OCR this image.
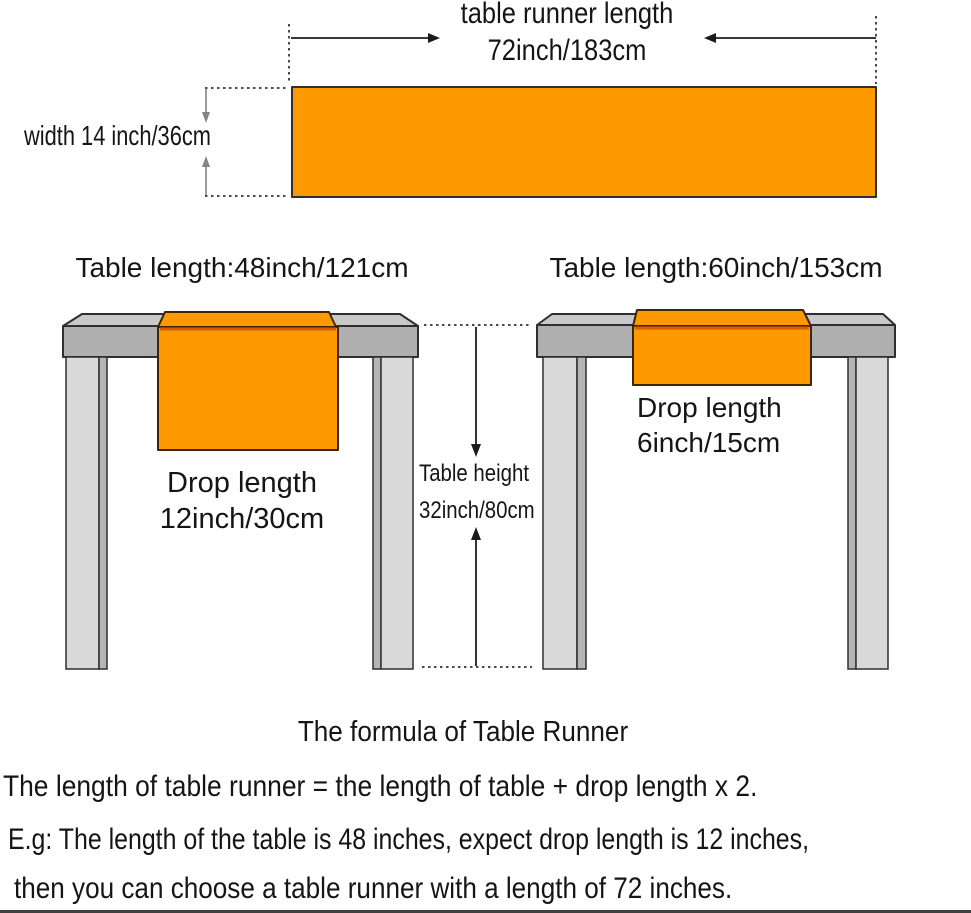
table runner length
72inch/183cm
width 14 inch/36cm
Table length:48inch/121cm	Table length:60inch/153cm
Drop length
12inch/30cm
Drop length
6inch/15cm
Table height
32inch/80cm
The formula of Table Runner
The length of table runner = the length of table + drop length x 2.
E.g: The length of the table is 48 inches, expect drop length is 12 inches,
then you can choose a table runner with a length of 72 inches.
